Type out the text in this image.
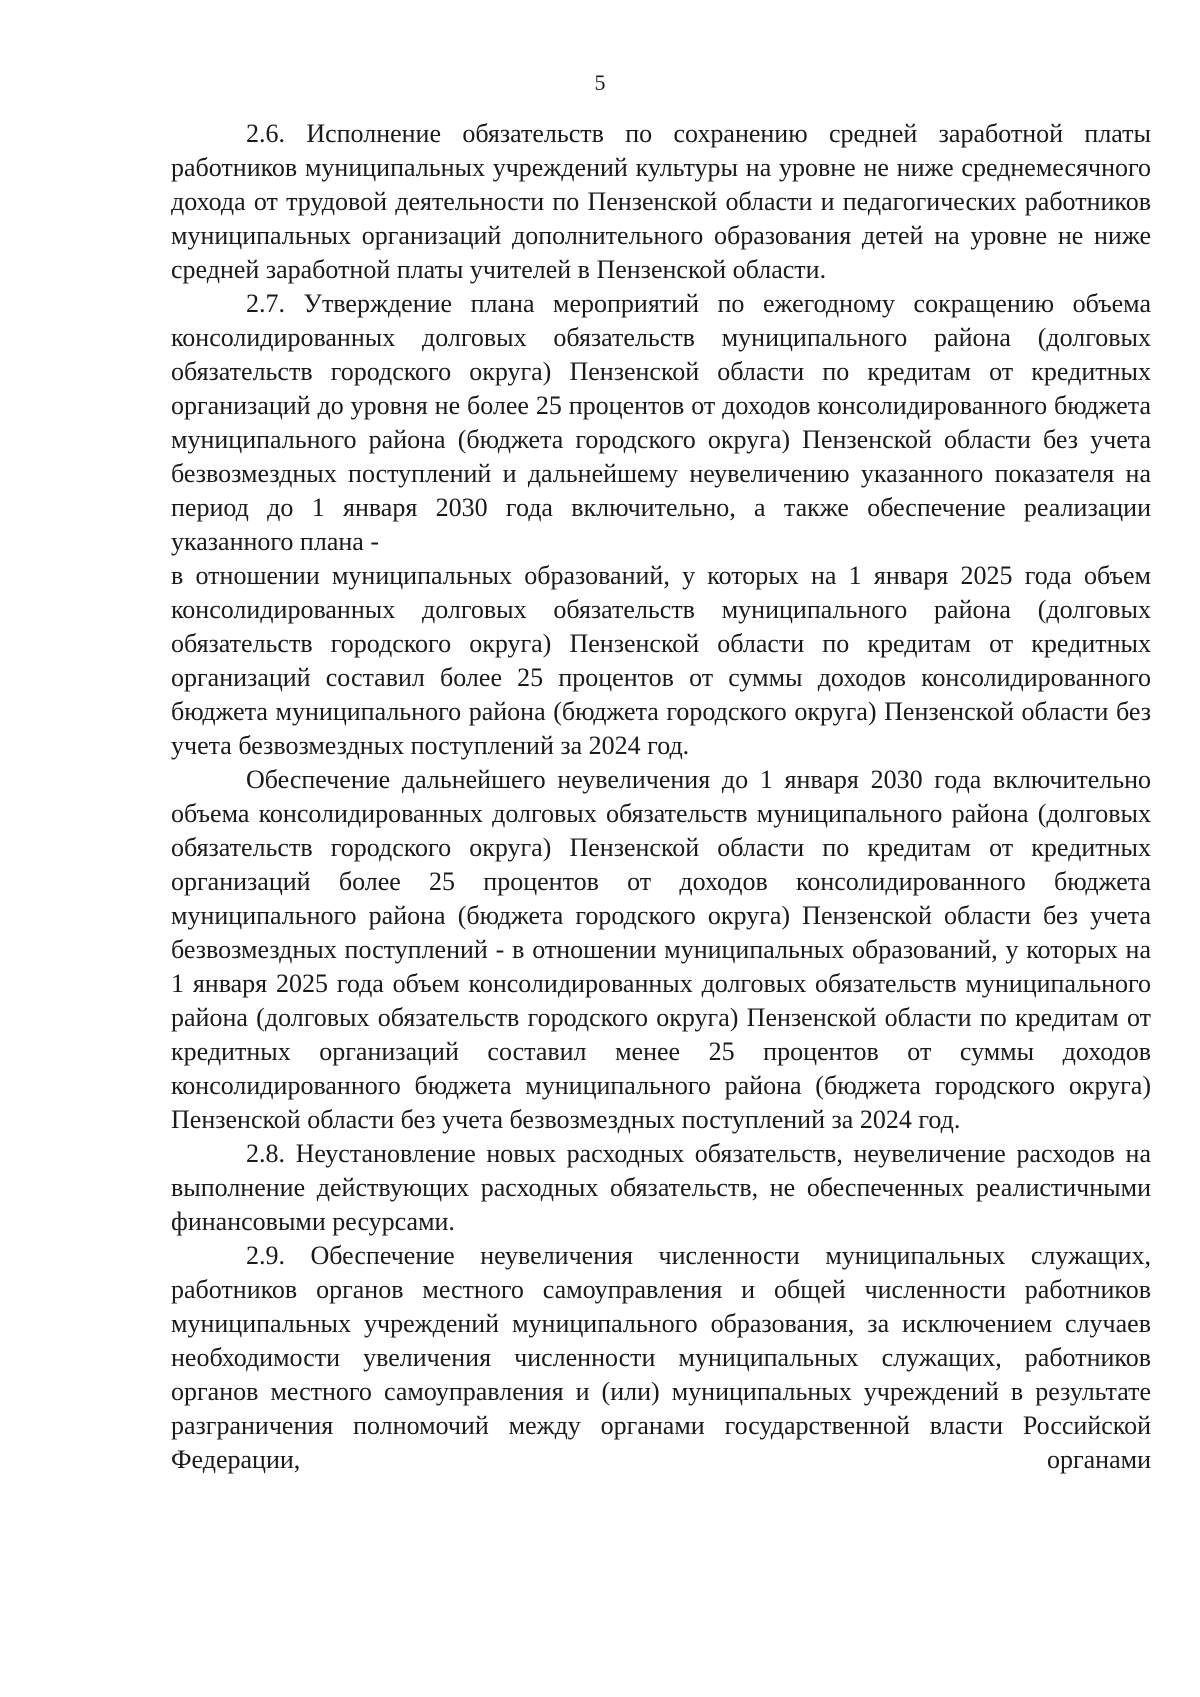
5

2.6. Исполнение обязательств по сохранению средней заработной платы работников муниципальных учреждений культуры на уровне не ниже среднемесячного дохода от трудовой деятельности по Пензенской области и педагогических работников муниципальных организаций дополнительного образования детей на уровне не ниже средней заработной платы учителей в Пензенской области.

2.7. Утверждение плана мероприятий по ежегодному сокращению объема консолидированных долговых обязательств муниципального района (долговых обязательств городского округа) Пензенской области по кредитам от кредитных организаций до уровня не более 25 процентов от доходов консолидированного бюджета муниципального района (бюджета городского округа) Пензенской области без учета безвозмездных поступлений и дальнейшему неувеличению указанного показателя на период до 1 января 2030 года включительно, а также обеспечение реализации указанного плана -

в отношении муниципальных образований, у которых на 1 января 2025 года объем консолидированных долговых обязательств муниципального района (долговых обязательств городского округа) Пензенской области по кредитам от кредитных организаций составил более 25 процентов от суммы доходов консолидированного бюджета муниципального района (бюджета городского округа) Пензенской области без учета безвозмездных поступлений за 2024 год.

Обеспечение дальнейшего неувеличения до 1 января 2030 года включительно объема консолидированных долговых обязательств муниципального района (долговых обязательств городского округа) Пензенской области по кредитам от кредитных организаций более 25 процентов от доходов консолидированного бюджета муниципального района (бюджета городского округа) Пензенской области без учета безвозмездных поступлений - в отношении муниципальных образований, у которых на 1 января 2025 года объем консолидированных долговых обязательств муниципального района (долговых обязательств городского округа) Пензенской области по кредитам от кредитных организаций составил менее 25 процентов от суммы доходов консолидированного бюджета муниципального района (бюджета городского округа) Пензенской области без учета безвозмездных поступлений за 2024 год.

2.8. Неустановление новых расходных обязательств, неувеличение расходов на выполнение действующих расходных обязательств, не обеспеченных реалистичными финансовыми ресурсами.

2.9. Обеспечение неувеличения численности муниципальных служащих, работников органов местного самоуправления и общей численности работников муниципальных учреждений муниципального образования, за исключением случаев необходимости увеличения численности муниципальных служащих, работников органов местного самоуправления и (или) муниципальных учреждений в результате разграничения полномочий между органами государственной власти Российской Федерации, органами
